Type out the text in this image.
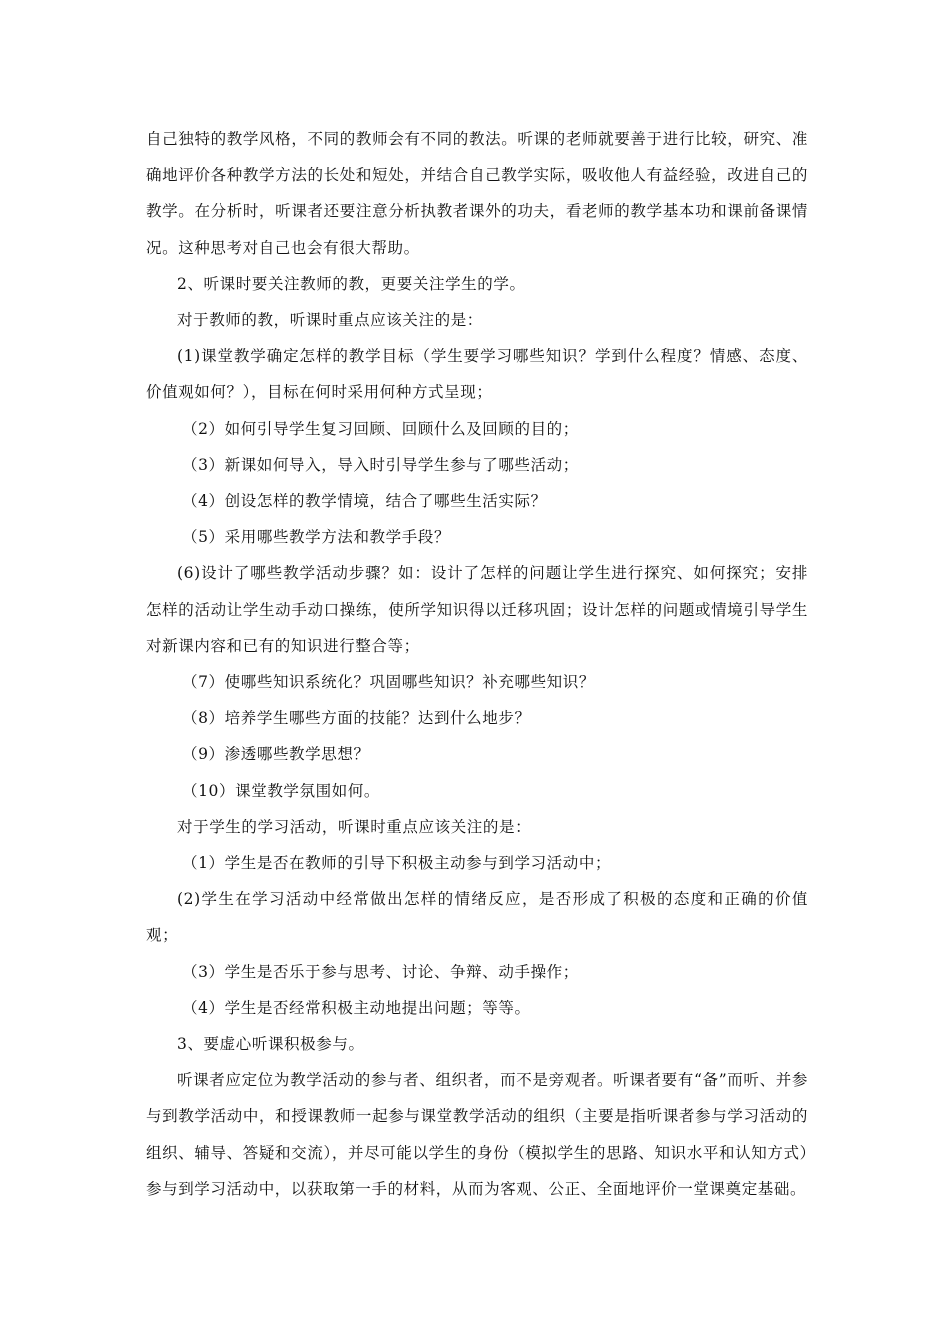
自己独特的教学风格，不同的教师会有不同的教法。听课的老师就要善于进行比较，研究、准确地评价各种教学方法的长处和短处，并结合自己教学实际，吸收他人有益经验，改进自己的教学。在分析时，听课者还要注意分析执教者课外的功夫，看老师的教学基本功和课前备课情况。这种思考对自己也会有很大帮助。

2、听课时要关注教师的教，更要关注学生的学。

对于教师的教，听课时重点应该关注的是：

(1)课堂教学确定怎样的教学目标（学生要学习哪些知识？学到什么程度？情感、态度、价值观如何？），目标在何时采用何种方式呈现；

（2）如何引导学生复习回顾、回顾什么及回顾的目的；

（3）新课如何导入，导入时引导学生参与了哪些活动；

（4）创设怎样的教学情境，结合了哪些生活实际？

（5）采用哪些教学方法和教学手段？

(6)设计了哪些教学活动步骤？如：设计了怎样的问题让学生进行探究、如何探究；安排怎样的活动让学生动手动口操练，使所学知识得以迁移巩固；设计怎样的问题或情境引导学生对新课内容和已有的知识进行整合等；

（7）使哪些知识系统化？巩固哪些知识？补充哪些知识？

（8）培养学生哪些方面的技能？达到什么地步？

（9）渗透哪些教学思想？

（10）课堂教学氛围如何。

对于学生的学习活动，听课时重点应该关注的是：

（1）学生是否在教师的引导下积极主动参与到学习活动中；

(2)学生在学习活动中经常做出怎样的情绪反应，是否形成了积极的态度和正确的价值观；

（3）学生是否乐于参与思考、讨论、争辩、动手操作；

（4）学生是否经常积极主动地提出问题；等等。

3、要虚心听课积极参与。

听课者应定位为教学活动的参与者、组织者，而不是旁观者。听课者要有“备”而听、并参与到教学活动中，和授课教师一起参与课堂教学活动的组织（主要是指听课者参与学习活动的组织、辅导、答疑和交流），并尽可能以学生的身份（模拟学生的思路、知识水平和认知方式）参与到学习活动中，以获取第一手的材料，从而为客观、公正、全面地评价一堂课奠定基础。
